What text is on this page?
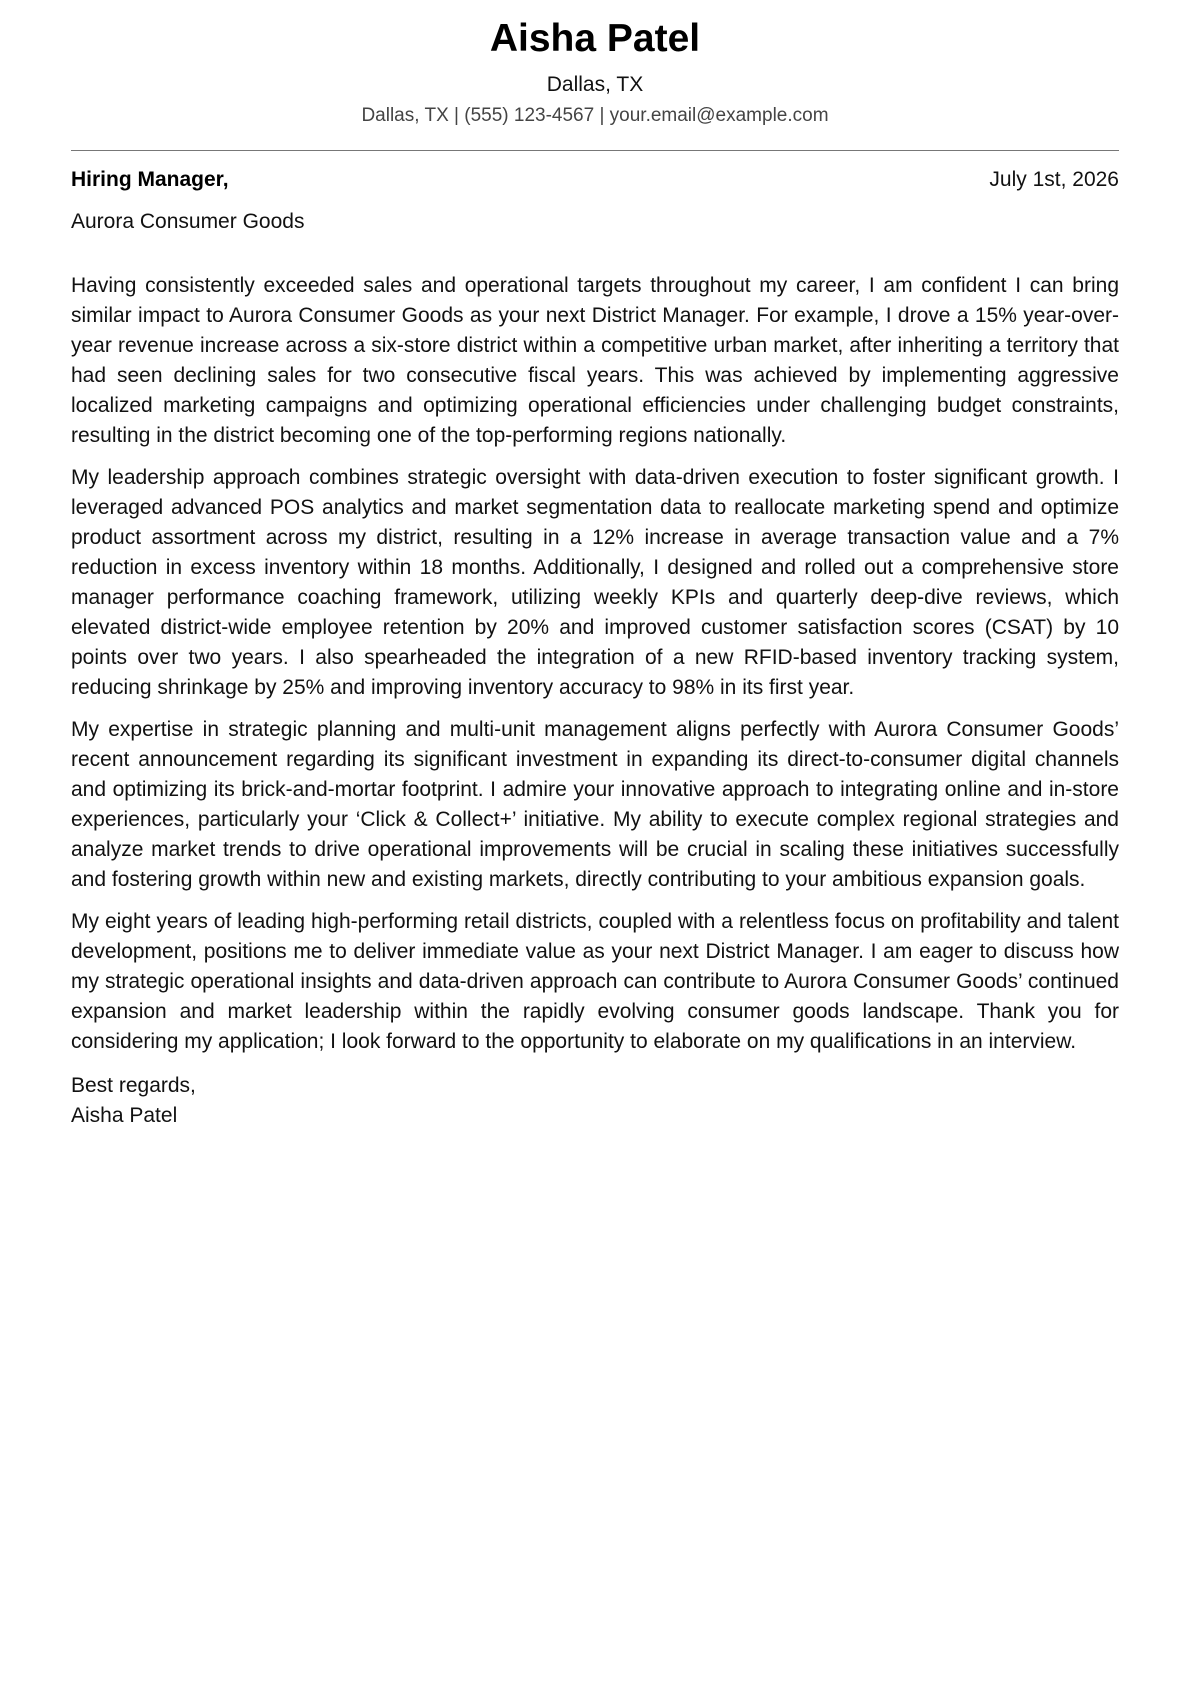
Aisha Patel
Dallas, TX
Dallas, TX | (555) 123-4567 | your.email@example.com
Hiring Manager,	July 1st, 2026
Aurora Consumer Goods

Having consistently exceeded sales and operational targets throughout my career, I am confident I can bring similar impact to Aurora Consumer Goods as your next District Manager. For example, I drove a 15% year-over-year revenue increase across a six-store district within a competitive urban market, after inheriting a territory that had seen declining sales for two consecutive fiscal years. This was achieved by implementing aggressive localized marketing campaigns and optimizing operational efficiencies under challenging budget constraints, resulting in the district becoming one of the top-performing regions nationally.

My leadership approach combines strategic oversight with data-driven execution to foster significant growth. I leveraged advanced POS analytics and market segmentation data to reallocate marketing spend and optimize product assortment across my district, resulting in a 12% increase in average transaction value and a 7% reduction in excess inventory within 18 months. Additionally, I designed and rolled out a comprehensive store manager performance coaching framework, utilizing weekly KPIs and quarterly deep-dive reviews, which elevated district-wide employee retention by 20% and improved customer satisfaction scores (CSAT) by 10 points over two years. I also spearheaded the integration of a new RFID-based inventory tracking system, reducing shrinkage by 25% and improving inventory accuracy to 98% in its first year.

My expertise in strategic planning and multi-unit management aligns perfectly with Aurora Consumer Goods’ recent announcement regarding its significant investment in expanding its direct-to-consumer digital channels and optimizing its brick-and-mortar footprint. I admire your innovative approach to integrating online and in-store experiences, particularly your ‘Click & Collect+’ initiative. My ability to execute complex regional strategies and analyze market trends to drive operational improvements will be crucial in scaling these initiatives successfully and fostering growth within new and existing markets, directly contributing to your ambitious expansion goals.

My eight years of leading high-performing retail districts, coupled with a relentless focus on profitability and talent development, positions me to deliver immediate value as your next District Manager. I am eager to discuss how my strategic operational insights and data-driven approach can contribute to Aurora Consumer Goods’ continued expansion and market leadership within the rapidly evolving consumer goods landscape. Thank you for considering my application; I look forward to the opportunity to elaborate on my qualifications in an interview.

Best regards,
Aisha Patel
